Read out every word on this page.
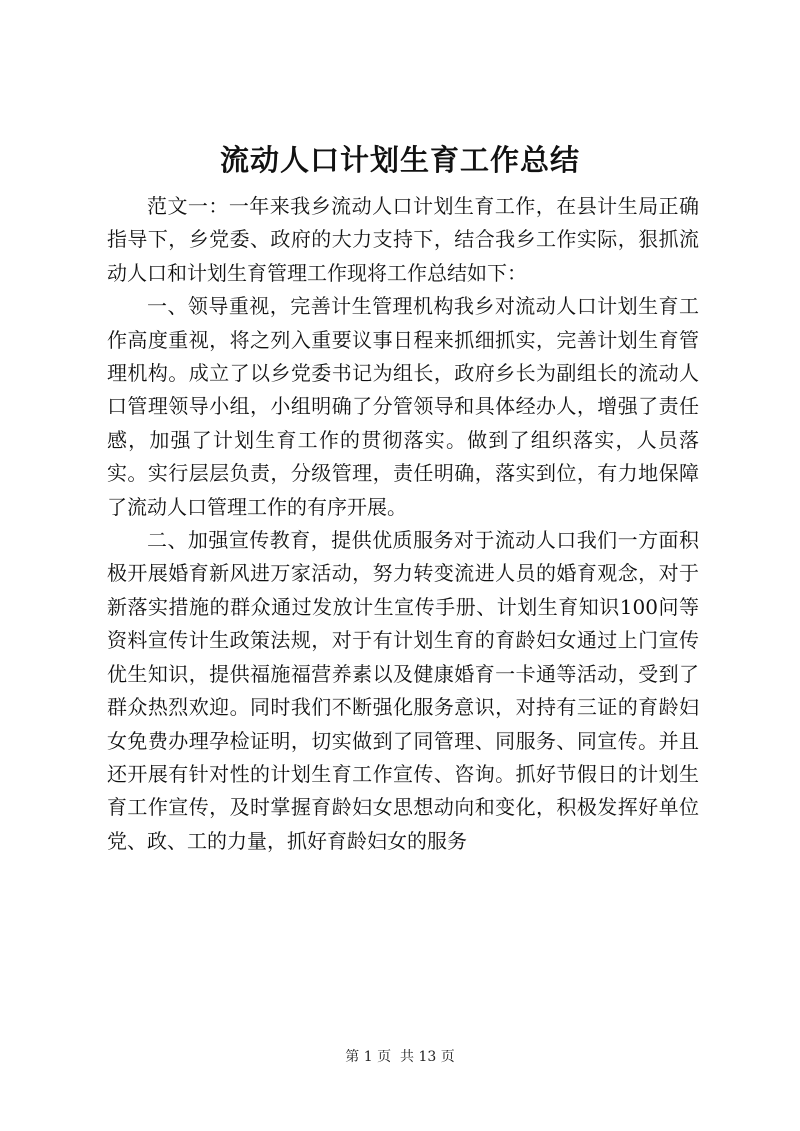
流动人口计划生育工作总结

范文一：一年来我乡流动人口计划生育工作，在县计生局正确指导下，乡党委、政府的大力支持下，结合我乡工作实际，狠抓流动人口和计划生育管理工作现将工作总结如下：

一、领导重视，完善计生管理机构我乡对流动人口计划生育工作高度重视，将之列入重要议事日程来抓细抓实，完善计划生育管理机构。成立了以乡党委书记为组长，政府乡长为副组长的流动人口管理领导小组，小组明确了分管领导和具体经办人，增强了责任感，加强了计划生育工作的贯彻落实。做到了组织落实，人员落实。实行层层负责，分级管理，责任明确，落实到位，有力地保障了流动人口管理工作的有序开展。

二、加强宣传教育，提供优质服务对于流动人口我们一方面积极开展婚育新风进万家活动，努力转变流进人员的婚育观念，对于新落实措施的群众通过发放计生宣传手册、计划生育知识100问等资料宣传计生政策法规，对于有计划生育的育龄妇女通过上门宣传优生知识，提供福施福营养素以及健康婚育一卡通等活动，受到了群众热烈欢迎。同时我们不断强化服务意识，对持有三证的育龄妇女免费办理孕检证明，切实做到了同管理、同服务、同宣传。并且还开展有针对性的计划生育工作宣传、咨询。抓好节假日的计划生育工作宣传，及时掌握育龄妇女思想动向和变化，积极发挥好单位党、政、工的力量，抓好育龄妇女的服务

第 1 页  共 13 页
